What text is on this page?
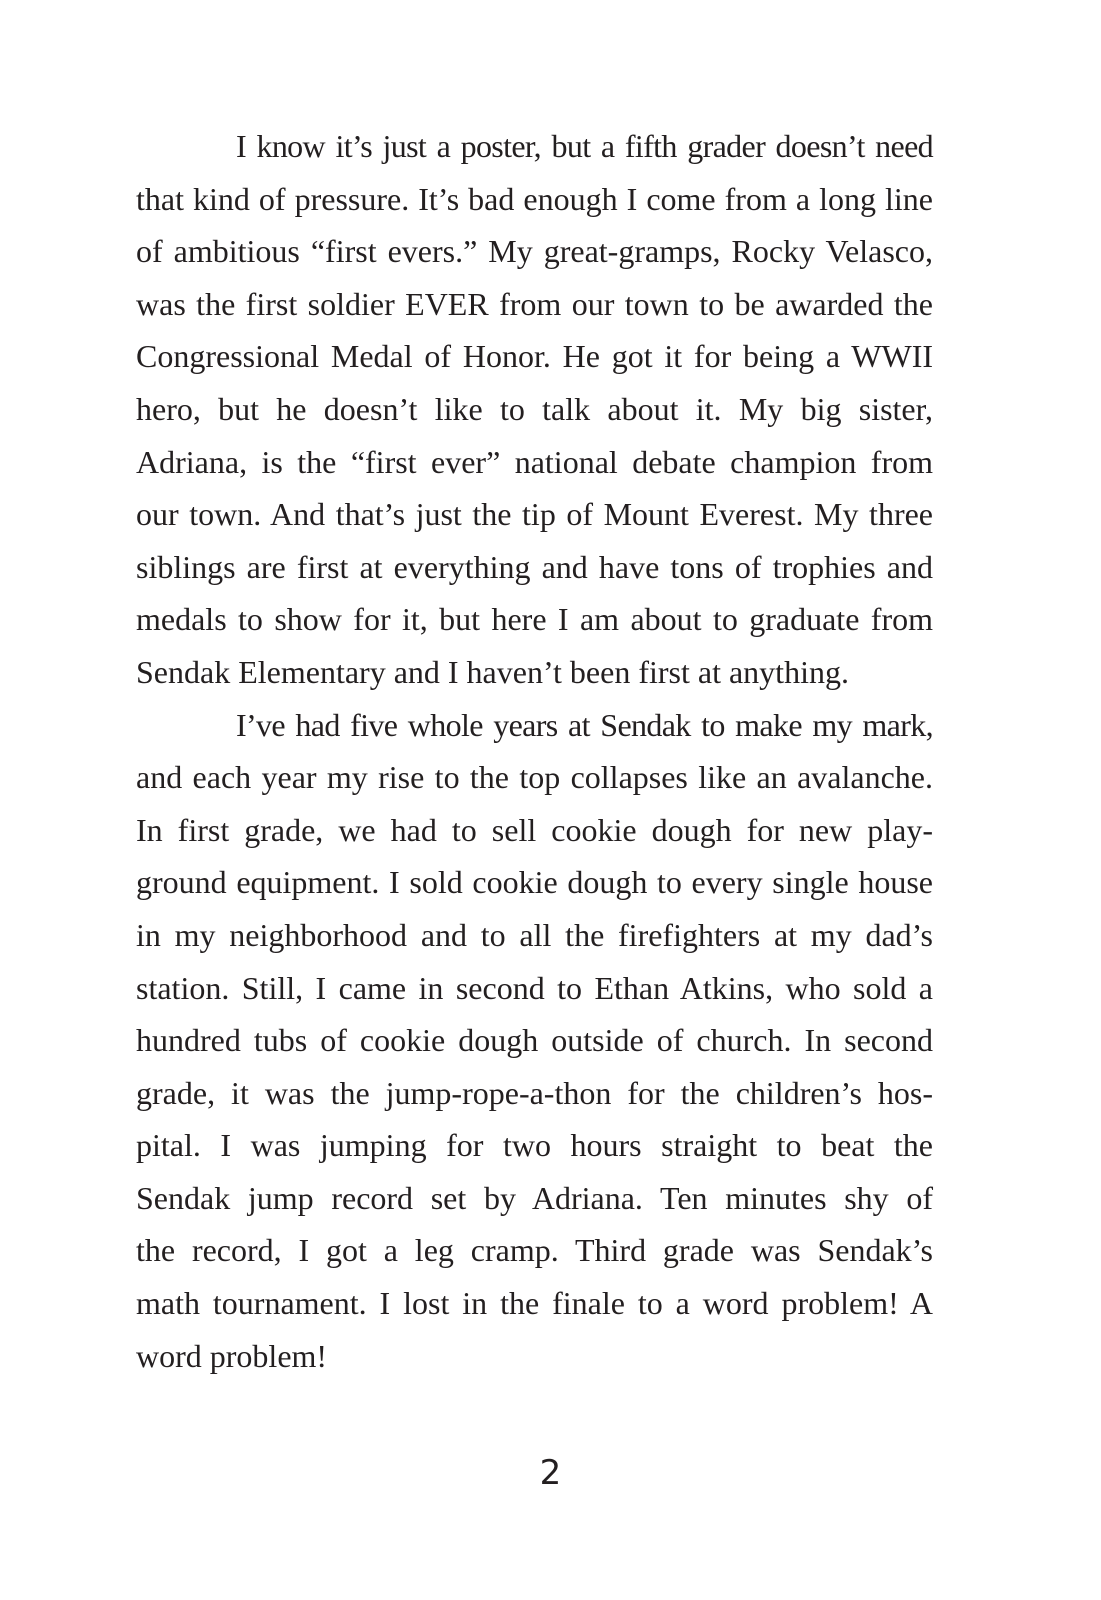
I know it’s just a poster, but a fifth grader doesn’t need
that kind of pressure. It’s bad enough I come from a long line
of ambitious “first evers.” My great-gramps, Rocky Velasco,
was the first soldier EVER from our town to be awarded the
Congressional Medal of Honor. He got it for being a WWII
hero, but he doesn’t like to talk about it. My big sister,
Adriana, is the “first ever” national debate champion from
our town. And that’s just the tip of Mount Everest. My three
siblings are first at everything and have tons of trophies and
medals to show for it, but here I am about to graduate from
Sendak Elementary and I haven’t been first at anything.

I’ve had five whole years at Sendak to make my mark,
and each year my rise to the top collapses like an avalanche.
In first grade, we had to sell cookie dough for new play-
ground equipment. I sold cookie dough to every single house
in my neighborhood and to all the firefighters at my dad’s
station. Still, I came in second to Ethan Atkins, who sold a
hundred tubs of cookie dough outside of church. In second
grade, it was the jump-rope-a-thon for the children’s hos-
pital. I was jumping for two hours straight to beat the
Sendak jump record set by Adriana. Ten minutes shy of
the record, I got a leg cramp. Third grade was Sendak’s
math tournament. I lost in the finale to a word problem! A
word problem!

2
